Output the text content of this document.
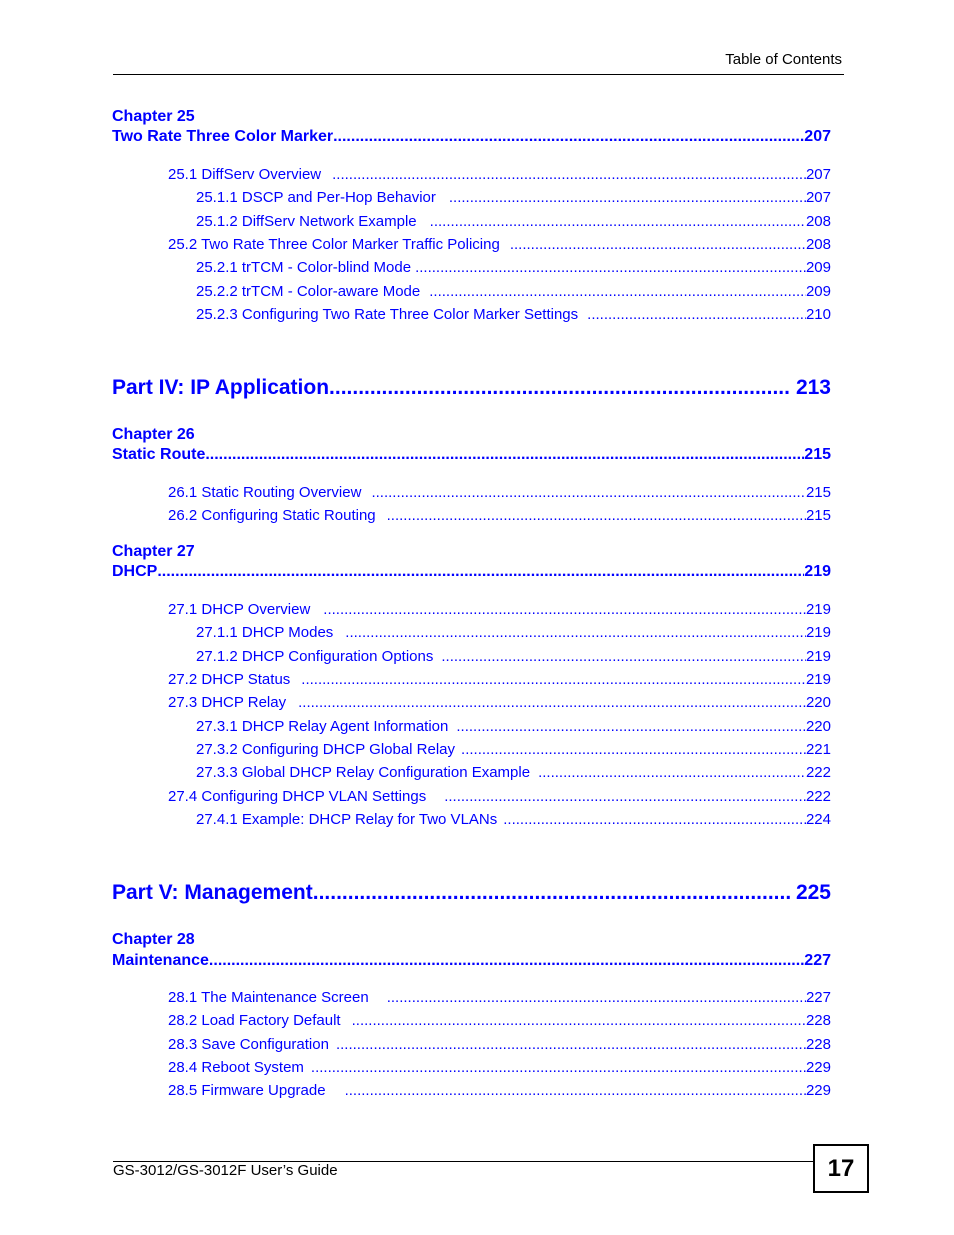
Table of Contents
Chapter 25
Two Rate Three Color Marker .....	207
25.1 DiffServ Overview .....	207
25.1.1 DSCP and Per-Hop Behavior .....	207
25.1.2 DiffServ Network Example .....	208
25.2 Two Rate Three Color Marker Traffic Policing .....	208
25.2.1 trTCM - Color-blind Mode .....	209
25.2.2 trTCM - Color-aware Mode .....	209
25.2.3 Configuring Two Rate Three Color Marker Settings .....	210
Part IV: IP Application .....	213
Chapter 26
Static Route .....	215
26.1 Static Routing Overview .....	215
26.2 Configuring Static Routing .....	215
Chapter 27
DHCP .....	219
27.1 DHCP Overview .....	219
27.1.1 DHCP Modes .....	219
27.1.2 DHCP Configuration Options .....	219
27.2 DHCP Status .....	219
27.3 DHCP Relay .....	220
27.3.1 DHCP Relay Agent Information .....	220
27.3.2 Configuring DHCP Global Relay .....	221
27.3.3 Global DHCP Relay Configuration Example .....	222
27.4 Configuring DHCP VLAN Settings .....	222
27.4.1 Example: DHCP Relay for Two VLANs .....	224
Part V: Management .....	225
Chapter 28
Maintenance .....	227
28.1 The Maintenance Screen .....	227
28.2 Load Factory Default .....	228
28.3 Save Configuration .....	228
28.4 Reboot System .....	229
28.5 Firmware Upgrade .....	229
GS-3012/GS-3012F User’s Guide	17
